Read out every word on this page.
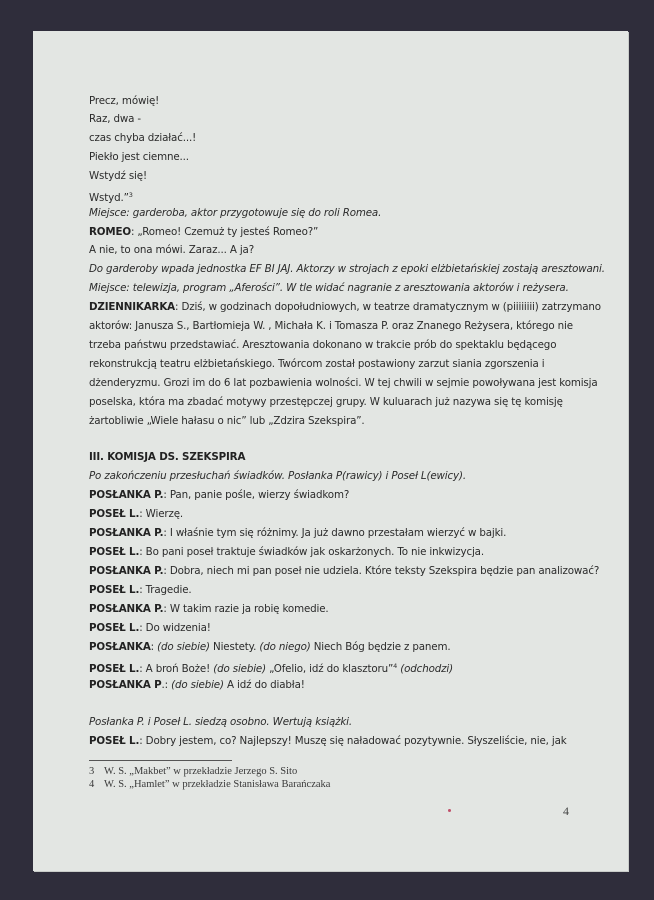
Precz, mówię!
Raz, dwa -
czas chyba działać...!
Piekło jest ciemne...
Wstydź się!
Wstyd.”$^3$
Miejsce: garderoba, aktor przygotowuje się do roli Romea.
ROMEO: „Romeo! Czemuż ty jesteś Romeo?”
A nie, to ona mówi. Zaraz... A ja?
Do garderoby wpada jednostka EF BI JAJ. Aktorzy w strojach z epoki elżbietańskiej zostają aresztowani.
Miejsce: telewizja, program „Aferości”. W tle widać nagranie z aresztowania aktorów i reżysera.
DZIENNIKARKA: Dziś, w godzinach dopołudniowych, w teatrze dramatycznym w (piiiiiiii) zatrzymano
aktorów: Janusza S., Bartłomieja W. , Michała K. i Tomasza P. oraz Znanego Reżysera, którego nie
trzeba państwu przedstawiać. Aresztowania dokonano w trakcie prób do spektaklu będącego
rekonstrukcją teatru elżbietańskiego. Twórcom został postawiony zarzut siania zgorszenia i
dżenderyzmu. Grozi im do 6 lat pozbawienia wolności. W tej chwili w sejmie powoływana jest komisja
poselska, która ma zbadać motywy przestępczej grupy. W kuluarach już nazywa się tę komisję
żartobliwie „Wiele hałasu o nic” lub „Zdzira Szekspira”.
III. KOMISJA DS. SZEKSPIRA
Po zakończeniu przesłuchań świadków. Posłanka P(rawicy) i Poseł L(ewicy).
POSŁANKA P.: Pan, panie pośle, wierzy świadkom?
POSEŁ L.: Wierzę.
POSŁANKA P.: I właśnie tym się różnimy. Ja już dawno przestałam wierzyć w bajki.
POSEŁ L.: Bo pani poseł traktuje świadków jak oskarżonych. To nie inkwizycja.
POSŁANKA P.: Dobra, niech mi pan poseł nie udziela. Które teksty Szekspira będzie pan analizować?
POSEŁ L.: Tragedie.
POSŁANKA P.: W takim razie ja robię komedie.
POSEŁ L.: Do widzenia!
POSŁANKA: (do siebie) Niestety. (do niego) Niech Bóg będzie z panem.
POSEŁ L.: A broń Boże! (do siebie) „Ofelio, idź do klasztoru”$^4$ (odchodzi)
POSŁANKA P.: (do siebie) A idź do diabła!
Posłanka P. i Poseł L. siedzą osobno. Wertują książki.
POSEŁ L.: Dobry jestem, co? Najlepszy! Muszę się naładować pozytywnie. Słyszeliście, nie, jak
3 W. S. „Makbet” w przekładzie Jerzego S. Sito
4 W. S. „Hamlet” w przekładzie Stanisława Barańczaka
4
